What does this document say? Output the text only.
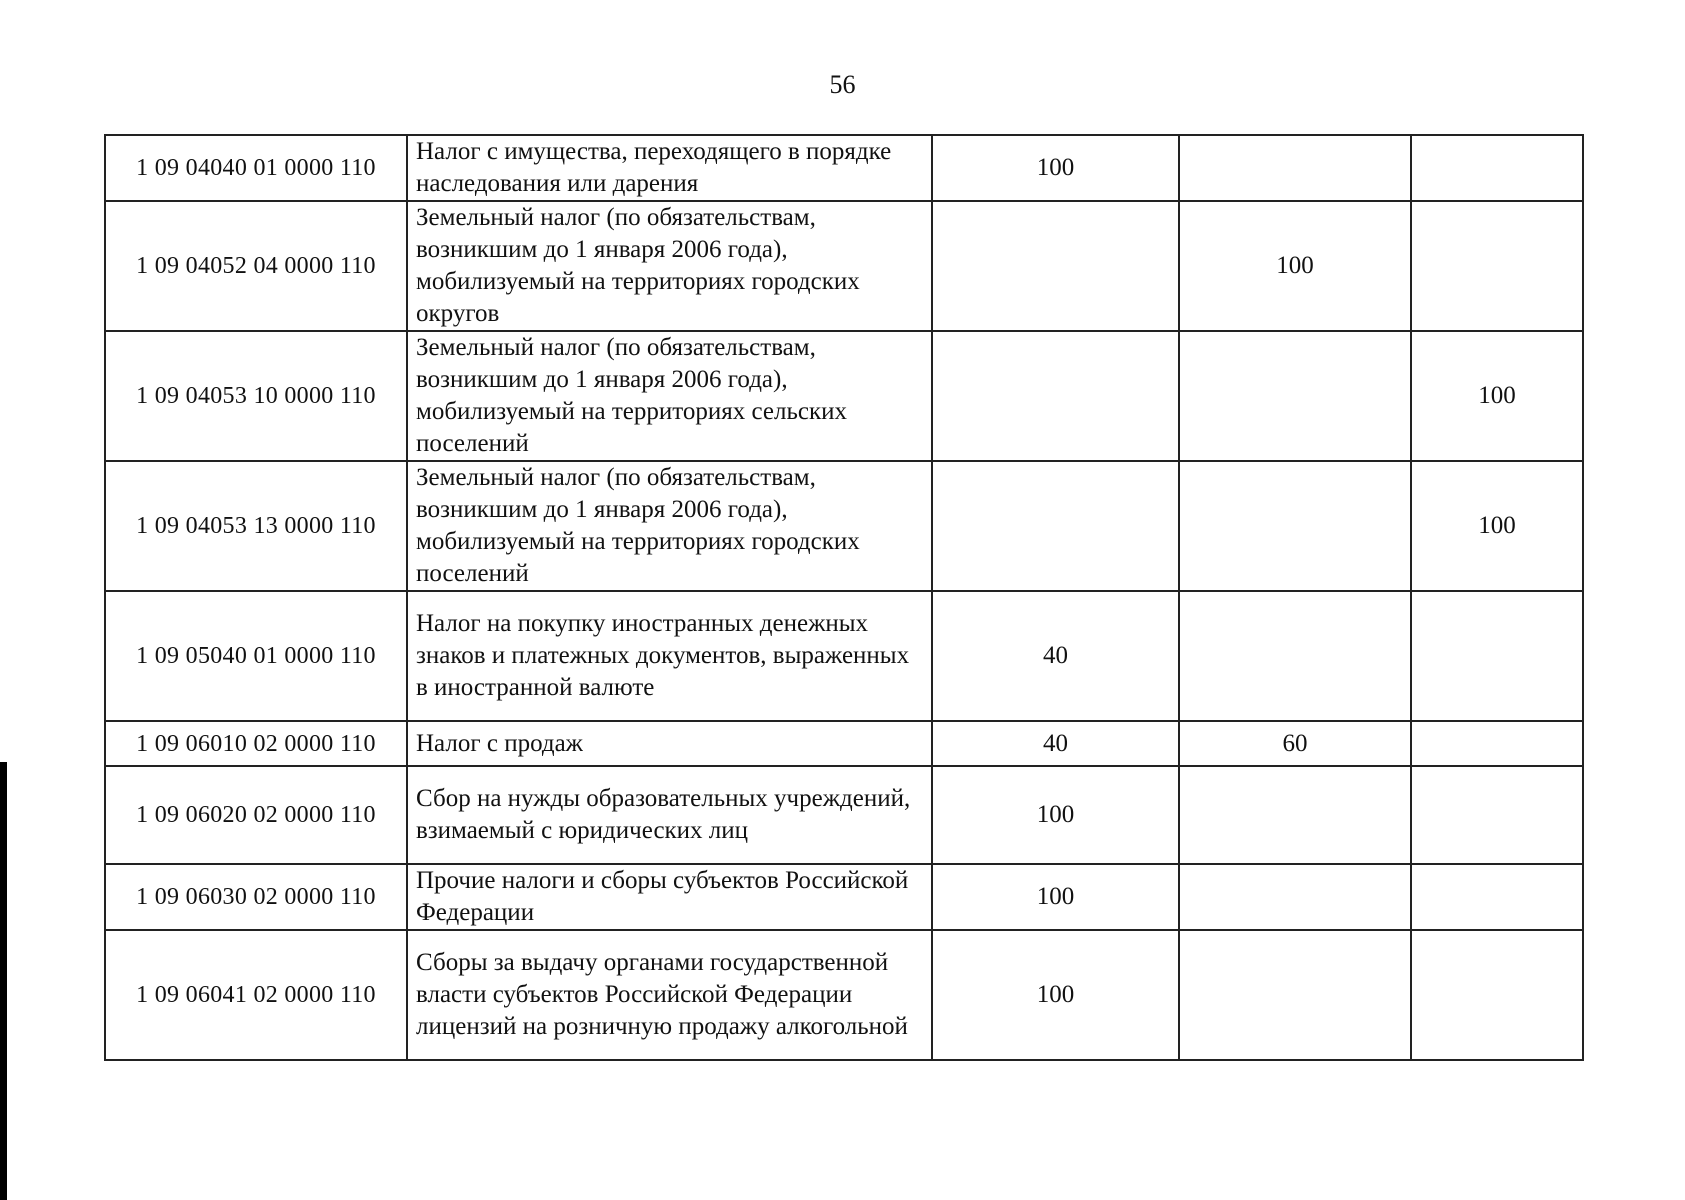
56
1 09 04040 01 0000 110	Налог с имущества, переходящего в порядке наследования или дарения	100		
1 09 04052 04 0000 110	Земельный налог (по обязательствам, возникшим до 1 января 2006 года), мобилизуемый на территориях городских округов		100	
1 09 04053 10 0000 110	Земельный налог (по обязательствам, возникшим до 1 января 2006 года), мобилизуемый на территориях сельских поселений			100
1 09 04053 13 0000 110	Земельный налог (по обязательствам, возникшим до 1 января 2006 года), мобилизуемый на территориях городских поселений			100
1 09 05040 01 0000 110	Налог на покупку иностранных денежных знаков и платежных документов, выраженных в иностранной валюте	40		
1 09 06010 02 0000 110	Налог с продаж	40	60	
1 09 06020 02 0000 110	Сбор на нужды образовательных учреждений, взимаемый с юридических лиц	100		
1 09 06030 02 0000 110	Прочие налоги и сборы субъектов Российской Федерации	100		
1 09 06041 02 0000 110	Сборы за выдачу органами государственной власти субъектов Российской Федерации лицензий на розничную продажу алкогольной	100		
